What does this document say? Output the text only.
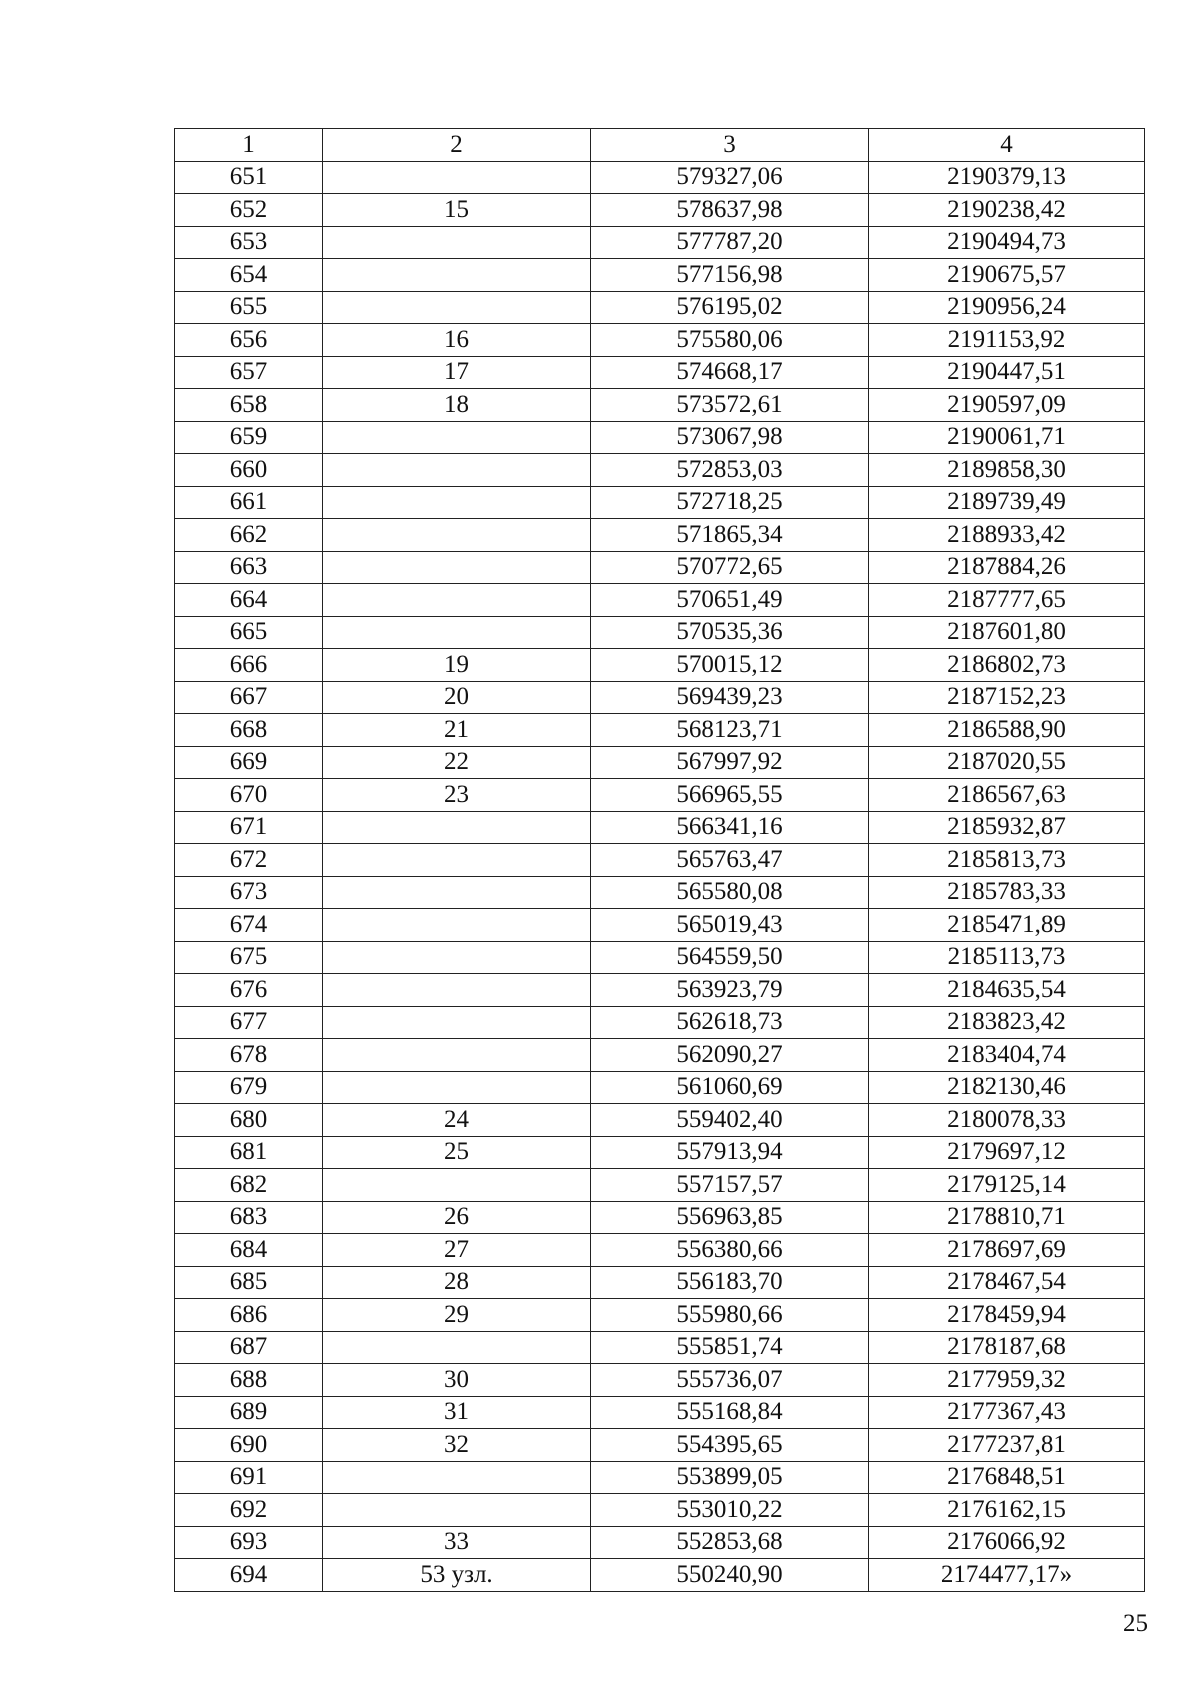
1	2	3	4
651		579327,06	2190379,13
652	15	578637,98	2190238,42
653		577787,20	2190494,73
654		577156,98	2190675,57
655		576195,02	2190956,24
656	16	575580,06	2191153,92
657	17	574668,17	2190447,51
658	18	573572,61	2190597,09
659		573067,98	2190061,71
660		572853,03	2189858,30
661		572718,25	2189739,49
662		571865,34	2188933,42
663		570772,65	2187884,26
664		570651,49	2187777,65
665		570535,36	2187601,80
666	19	570015,12	2186802,73
667	20	569439,23	2187152,23
668	21	568123,71	2186588,90
669	22	567997,92	2187020,55
670	23	566965,55	2186567,63
671		566341,16	2185932,87
672		565763,47	2185813,73
673		565580,08	2185783,33
674		565019,43	2185471,89
675		564559,50	2185113,73
676		563923,79	2184635,54
677		562618,73	2183823,42
678		562090,27	2183404,74
679		561060,69	2182130,46
680	24	559402,40	2180078,33
681	25	557913,94	2179697,12
682		557157,57	2179125,14
683	26	556963,85	2178810,71
684	27	556380,66	2178697,69
685	28	556183,70	2178467,54
686	29	555980,66	2178459,94
687		555851,74	2178187,68
688	30	555736,07	2177959,32
689	31	555168,84	2177367,43
690	32	554395,65	2177237,81
691		553899,05	2176848,51
692		553010,22	2176162,15
693	33	552853,68	2176066,92
694	53 узл.	550240,90	2174477,17»
25
